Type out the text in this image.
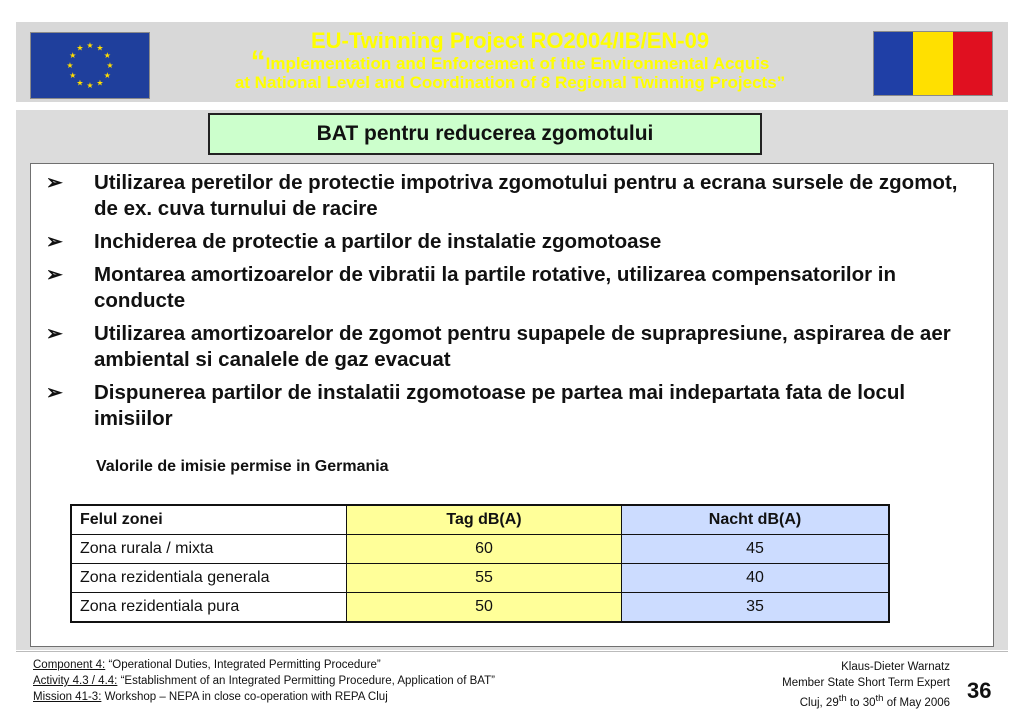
★ ★
★
★
★
★
★
★
★
★
★
★	EU-Twinning Project RO2004/IB/EN-09
“Implementation and Enforcement of the Environmental Acquis
at National Level and Coordination of 8 Regional Twinning Projects”
BAT pentru reducerea zgomotului
➢ Utilizarea peretilor de protectie impotriva zgomotului pentru a ecrana sursele de zgomot, de ex. cuva turnului de racire
➢ Inchiderea de protectie a partilor de instalatie zgomotoase
➢ Montarea amortizoarelor de vibratii la partile rotative, utilizarea compensatorilor in conducte
➢ Utilizarea amortizoarelor de zgomot pentru supapele de suprapresiune, aspirarea de aer ambiental si canalele de gaz evacuat
➢ Dispunerea partilor de instalatii zgomotoase pe partea mai indepartata fata de locul imisiilor
Valorile de imisie permise in Germania
Felul zonei	Tag dB(A)	Nacht dB(A)
Zona rurala / mixta	60	45
Zona rezidentiala generala	55	40
Zona rezidentiala pura	50	35
Component 4: “Operational Duties, Integrated Permitting Procedure”
Activity 4.3 / 4.4: “Establishment of an Integrated Permitting Procedure, Application of BAT”
Mission 41-3: Workshop – NEPA in close co-operation with REPA Cluj
Klaus-Dieter Warnatz
Member State Short Term Expert
Cluj, 29th to 30th of May 2006 36
